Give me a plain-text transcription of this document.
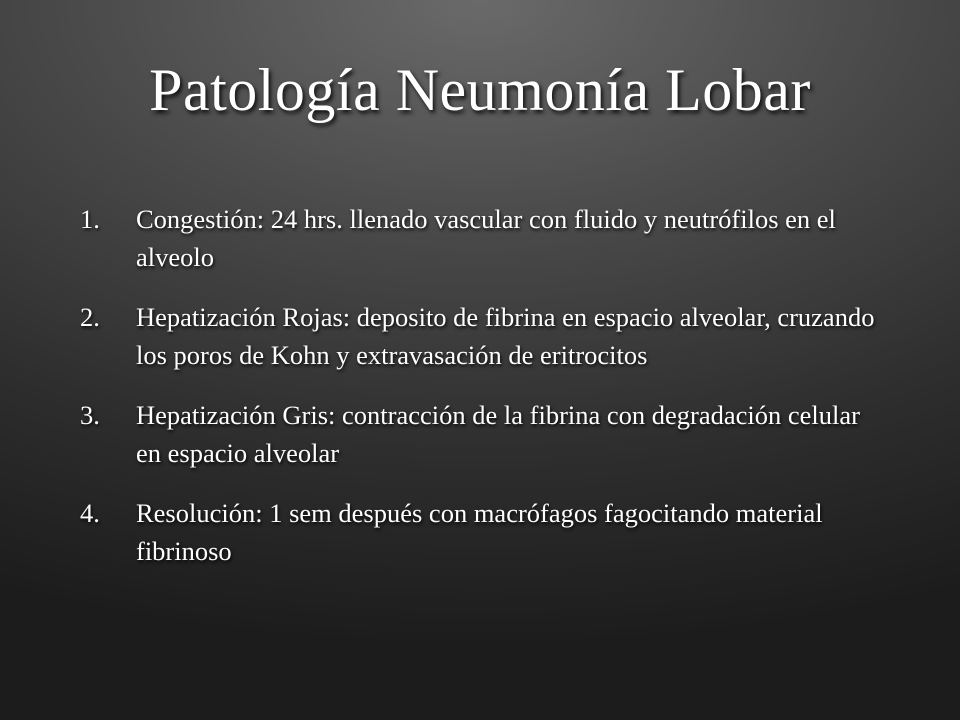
Patología Neumonía Lobar
1.	Congestión: 24 hrs. llenado vascular con fluido y neutrófilos en el alveolo
2.	Hepatización Rojas: deposito de fibrina en espacio alveolar, cruzando los poros de Kohn y extravasación de eritrocitos
3.	Hepatización Gris: contracción de la fibrina con degradación celular en espacio alveolar
4.	Resolución: 1 sem después con macrófagos fagocitando material fibrinoso
